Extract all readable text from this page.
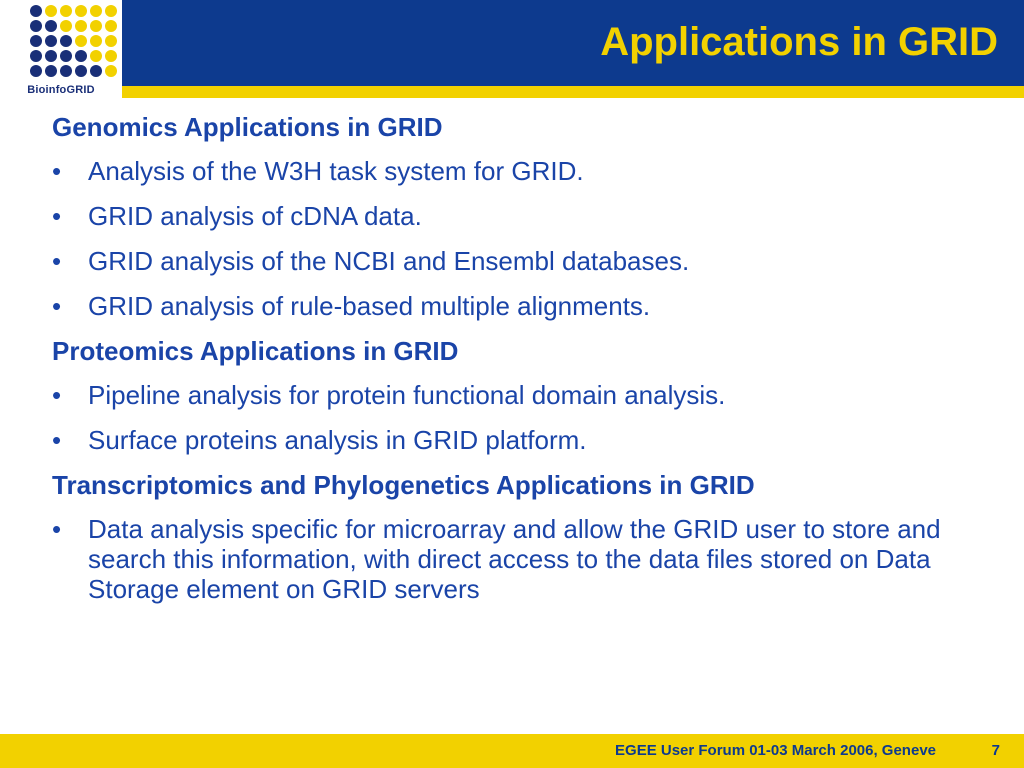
BioinfoGRID
Applications in GRID
Genomics Applications in GRID
•	Analysis of the W3H task system for GRID.
•	GRID analysis of cDNA data.
•	GRID analysis of the NCBI and Ensembl databases.
•	GRID analysis of rule-based multiple alignments.
Proteomics Applications in GRID
•	Pipeline analysis for protein functional domain analysis.
•	Surface proteins analysis in GRID platform.
Transcriptomics and Phylogenetics Applications in GRID
•	Data analysis specific for microarray and allow the GRID user to store and search this information, with direct access to the data files stored on Data Storage element on GRID servers
EGEE User Forum 01-03 March 2006, Geneve	7
